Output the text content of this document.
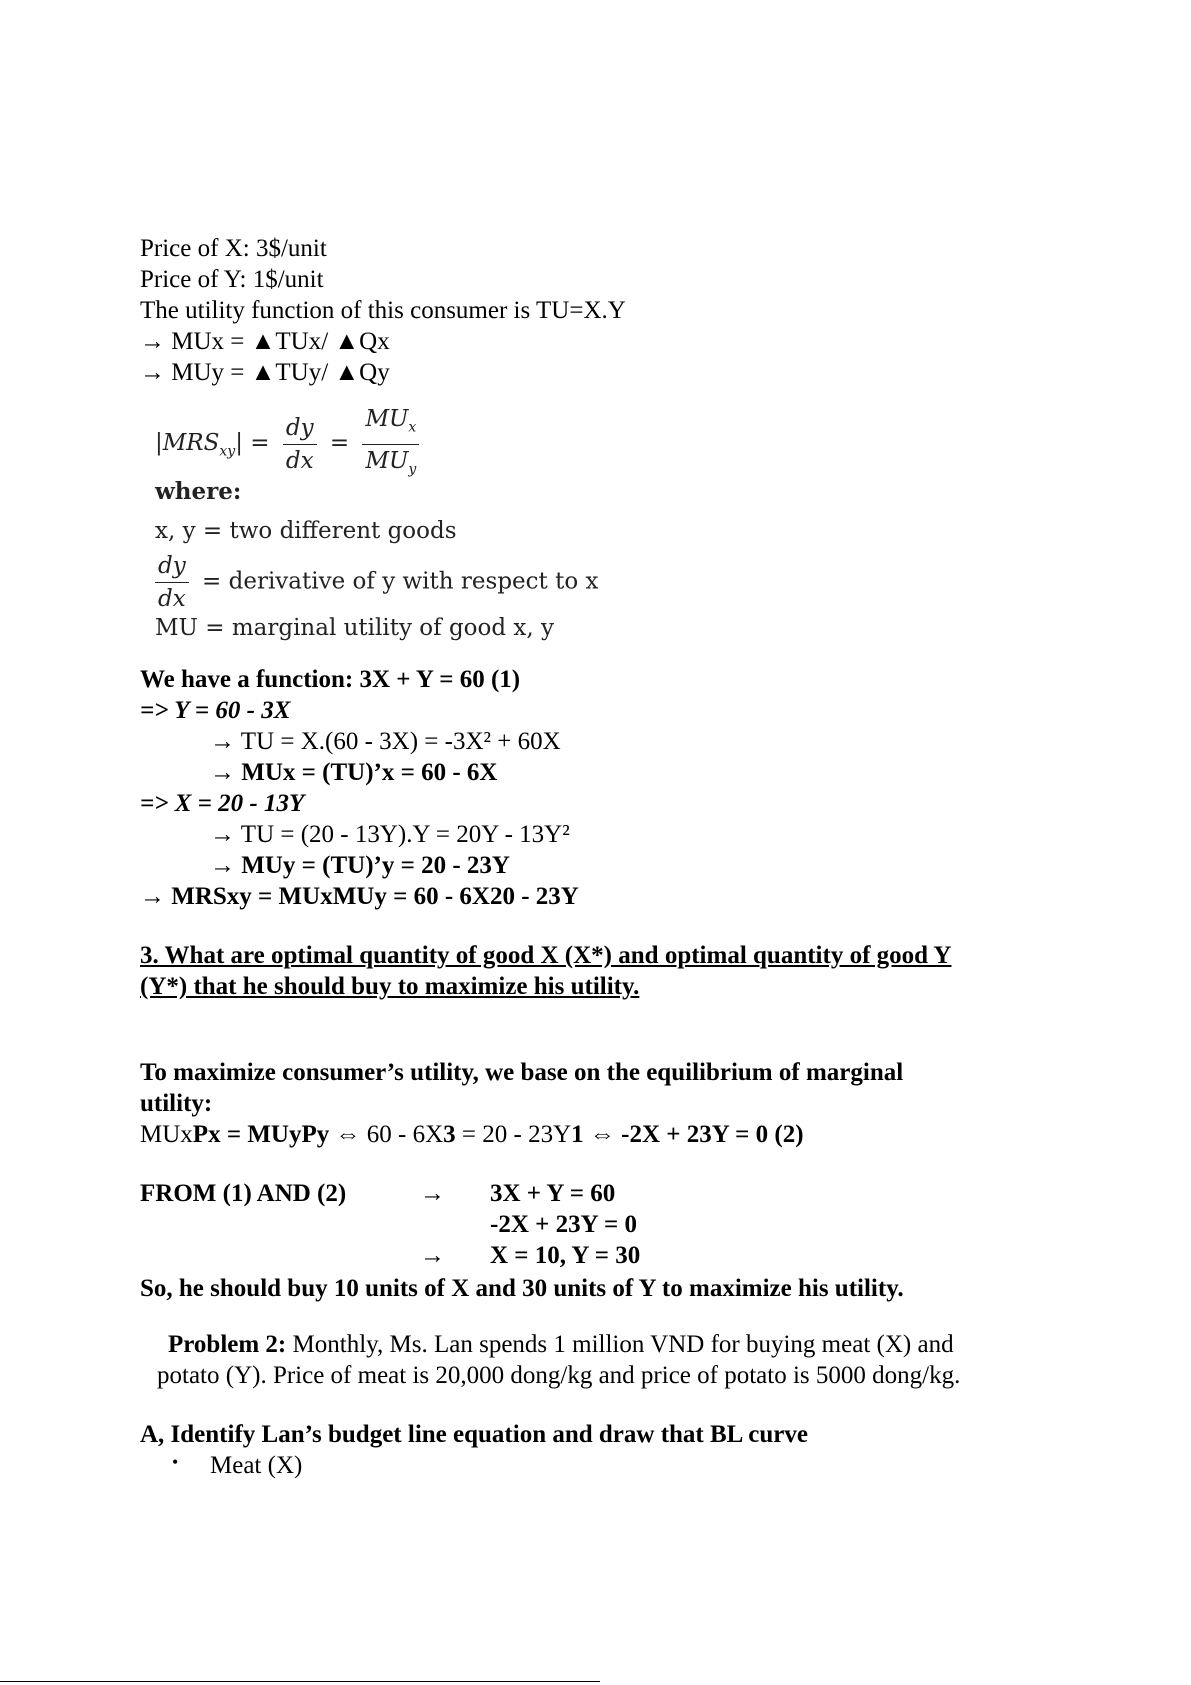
Price of X: 3$/unit
Price of Y: 1$/unit
The utility function of this consumer is TU=X.Y
→ MUx = ▲TUx/ ▲Qx
→ MUy = ▲TUy/ ▲Qy
$|MRS_{xy}| = \frac{dy}{dx} = \frac{MU_x}{MU_y}$
where:
x, y = two different goods
$\frac{dy}{dx}$ = derivative of y with respect to x
MU = marginal utility of good x, y
We have a function: 3X + Y = 60 (1)
=> Y = 60 - 3X
→ TU = X.(60 - 3X) = -3X² + 60X
→ MUx = (TU)’x = 60 - 6X
=> X = 20 - 13Y
→ TU = (20 - 13Y).Y = 20Y - 13Y²
→ MUy = (TU)’y = 20 - 23Y
→ MRSxy = MUxMUy = 60 - 6X20 - 23Y
3. What are optimal quantity of good X (X*) and optimal quantity of good Y
(Y*) that he should buy to maximize his utility.
To maximize consumer’s utility, we base on the equilibrium of marginal
utility:
MUxPx = MUyPy ⇔ 60 - 6X3 = 20 - 23Y1 ⇔ -2X + 23Y = 0 (2)
FROM (1) AND (2)	→ 3X + Y = 60
-2X + 23Y = 0
→ X = 10, Y = 30
So, he should buy 10 units of X and 30 units of Y to maximize his utility.
Problem 2: Monthly, Ms. Lan spends 1 million VND for buying meat (X) and
potato (Y). Price of meat is 20,000 dong/kg and price of potato is 5000 dong/kg.
A, Identify Lan’s budget line equation and draw that BL curve
• Meat (X)
